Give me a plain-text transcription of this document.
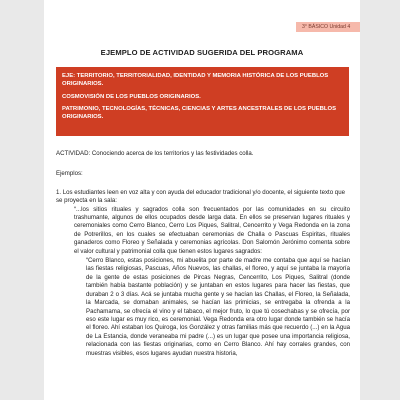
3° BÁSICO Unidad 4
EJEMPLO DE ACTIVIDAD SUGERIDA DEL PROGRAMA

EJE: TERRITORIO, TERRITORIALIDAD, IDENTIDAD Y MEMORIA HISTÓRICA DE LOS PUEBLOS ORIGINARIOS.

COSMOVISIÓN DE LOS PUEBLOS ORIGINARIOS.

PATRIMONIO, TECNOLOGÍAS, TÉCNICAS, CIENCIAS Y ARTES ANCESTRALES DE LOS PUEBLOS ORIGINARIOS.

ACTIVIDAD: Conociendo acerca de los territorios y las festividades colla.

Ejemplos:

1. Los estudiantes leen en voz alta y con ayuda del educador tradicional y/o docente, el siguiente texto que se proyecta en la sala:

“...los sitios rituales y sagrados colla son frecuentados por las comunidades en su circuito trashumante, algunos de ellos ocupados desde larga data. En ellos se preservan lugares rituales y ceremoniales como Cerro Blanco, Cerro Los Piques, Salitral, Cencerrito y Vega Redonda en la zona de Potrerillos, en los cuales se efectuaban ceremonias de Challa o Pascuas Espiritas, rituales ganaderos como Floreo y Señalada y ceremonias agrícolas. Don Salomón Jerónimo comenta sobre el valor cultural y patrimonial colla que tienen estos lugares sagrados:

“Cerro Blanco, estas posiciones, mi abuelita por parte de madre me contaba que aquí se hacían las fiestas religiosas, Pascuas, Años Nuevos, las challas, el floreo, y aquí se juntaba la mayoría de la gente de estas posiciones de Pircas Negras, Cencerrito, Los Piques, Salitral (donde también había bastante población) y se juntaban en estos lugares para hacer las fiestas, que duraban 2 o 3 días. Acá se juntaba mucha gente y se hacían las Challas, el Floreo, la Señalada, la Marcada, se domaban animales, se hacían las primicias, se entregaba la ofrenda a la Pachamama, se ofrecía el vino y el tabaco, el mejor fruto, lo que tú cosechabas y se ofrecía, por eso este lugar es muy rico, es ceremonial. Vega Redonda era otro lugar donde también se hacía el floreo. Ahí estaban los Quiroga, los González y otras familias más que recuerdo (...) en la Agua de La Estancia, donde veraneaba mi padre (...) es un lugar que posee una importancia religiosa, relacionada con las fiestas originarias, como en Cerro Blanco. Ahí hay corrales grandes, con muestras visibles, esos lugares ayudan nuestra historia,
